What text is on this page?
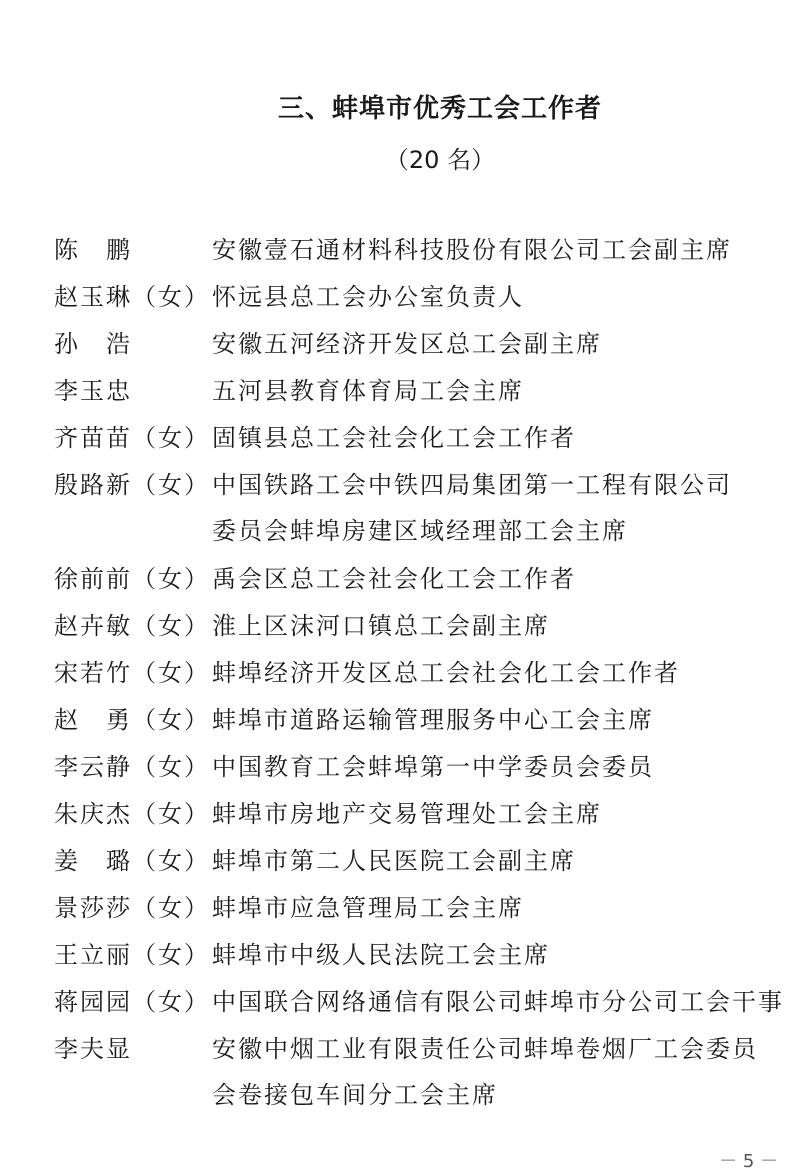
三、蚌埠市优秀工会工作者
（20 名）
陈　鹏	安徽壹石通材料科技股份有限公司工会副主席
赵玉琳（女） 怀远县总工会办公室负责人
孙　浩	安徽五河经济开发区总工会副主席
李玉忠	五河县教育体育局工会主席
齐苗苗（女） 固镇县总工会社会化工会工作者
殷路新（女） 中国铁路工会中铁四局集团第一工程有限公司
委员会蚌埠房建区域经理部工会主席
徐前前（女） 禹会区总工会社会化工会工作者
赵卉敏（女） 淮上区沫河口镇总工会副主席
宋若竹（女） 蚌埠经济开发区总工会社会化工会工作者
赵　勇（女） 蚌埠市道路运输管理服务中心工会主席
李云静（女） 中国教育工会蚌埠第一中学委员会委员
朱庆杰（女） 蚌埠市房地产交易管理处工会主席
姜　璐（女） 蚌埠市第二人民医院工会副主席
景莎莎（女） 蚌埠市应急管理局工会主席
王立丽（女） 蚌埠市中级人民法院工会主席
蒋园园（女） 中国联合网络通信有限公司蚌埠市分公司工会干事
李夫显	安徽中烟工业有限责任公司蚌埠卷烟厂工会委员
会卷接包车间分工会主席
－ 5 －
